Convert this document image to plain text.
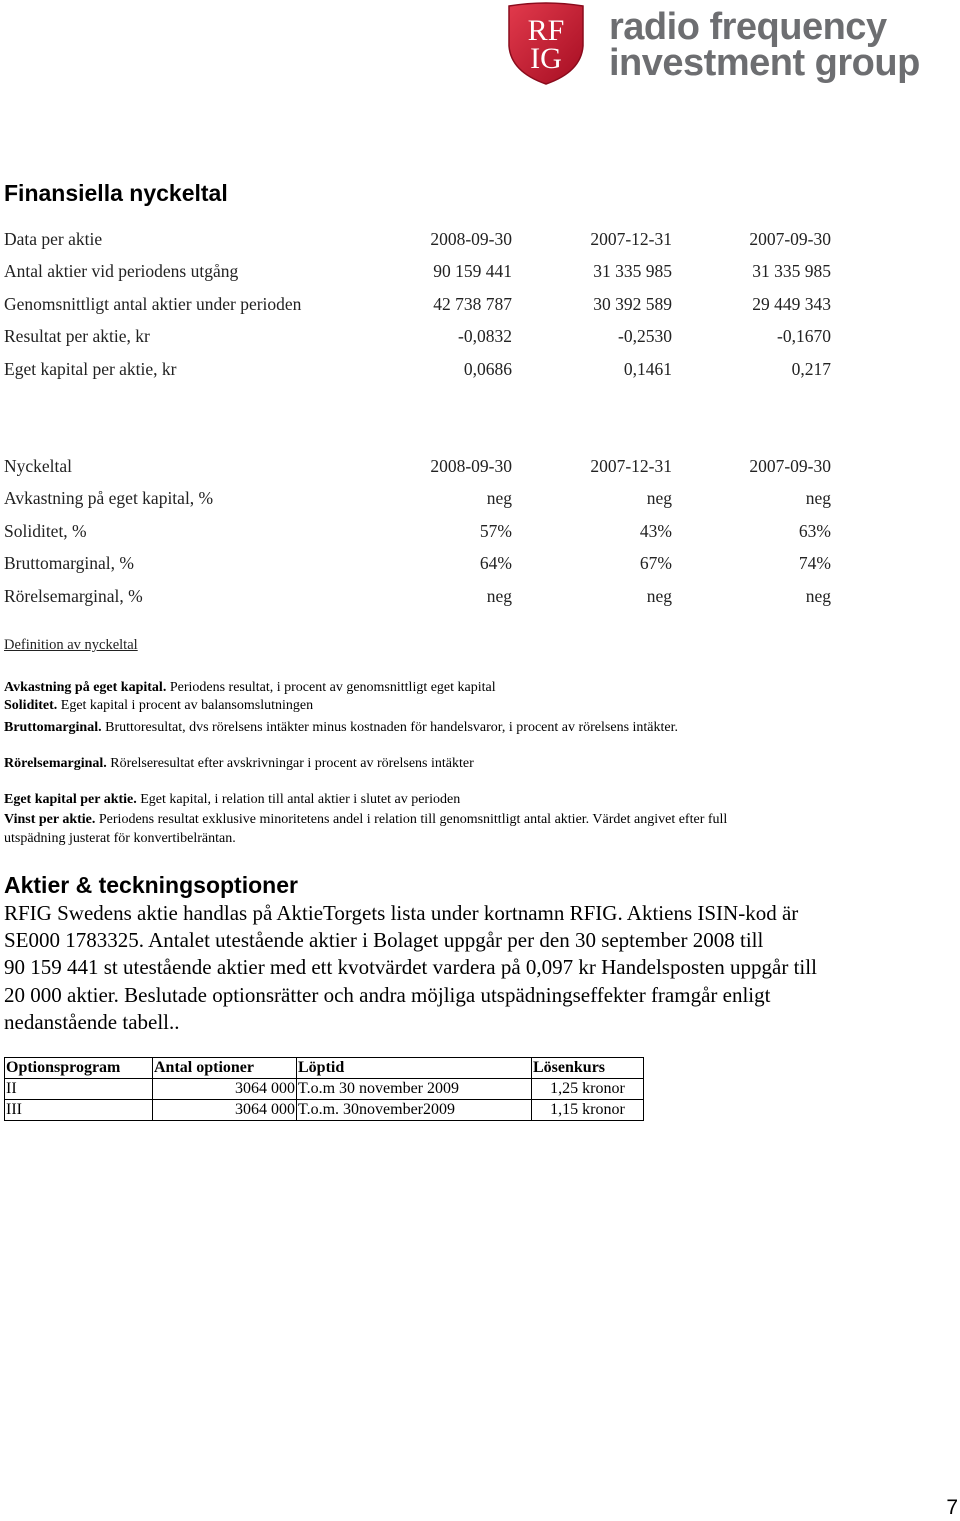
RF
IG
radio frequency
investment group
Finansiella nyckeltal
Data per aktie	2008-09-30	2007-12-31	2007-09-30
Antal aktier vid periodens utgång	90 159 441	31 335 985	31 335 985
Genomsnittligt antal aktier under perioden	42 738 787	30 392 589	29 449 343
Resultat per aktie, kr	-0,0832	-0,2530	-0,1670
Eget kapital per aktie, kr	0,0686	0,1461	0,217
Nyckeltal	2008-09-30	2007-12-31	2007-09-30
Avkastning på eget kapital, %	neg	neg	neg
Soliditet, %	57%	43%	63%
Bruttomarginal, %	64%	67%	74%
Rörelsemarginal, %	neg	neg	neg
Definition av nyckeltal
Avkastning på eget kapital. Periodens resultat, i procent av genomsnittligt eget kapital
Soliditet. Eget kapital i procent av balansomslutningen
Bruttomarginal. Bruttoresultat, dvs rörelsens intäkter minus kostnaden för handelsvaror, i procent av rörelsens intäkter.
Rörelsemarginal. Rörelseresultat efter avskrivningar i procent av rörelsens intäkter
Eget kapital per aktie. Eget kapital, i relation till antal aktier i slutet av perioden
Vinst per aktie. Periodens resultat exklusive minoritetens andel i relation till genomsnittligt antal aktier. Värdet angivet efter full
utspädning justerat för konvertibelräntan.
Aktier & teckningsoptioner
RFIG Swedens aktie handlas på AktieTorgets lista under kortnamn RFIG. Aktiens ISIN-kod är
SE000 1783325. Antalet utestående aktier i Bolaget uppgår per den 30 september 2008 till
90 159 441 st utestående aktier med ett kvotvärdet vardera på 0,097 kr Handelsposten uppgår till
20 000 aktier. Beslutade optionsrätter och andra möjliga utspädningseffekter framgår enligt
nedanstående tabell..
Optionsprogram	Antal optioner	Löptid	Lösenkurs
II	3064 000	T.o.m 30 november 2009	1,25 kronor
III	3064 000	T.o.m. 30november2009	1,15 kronor
7
